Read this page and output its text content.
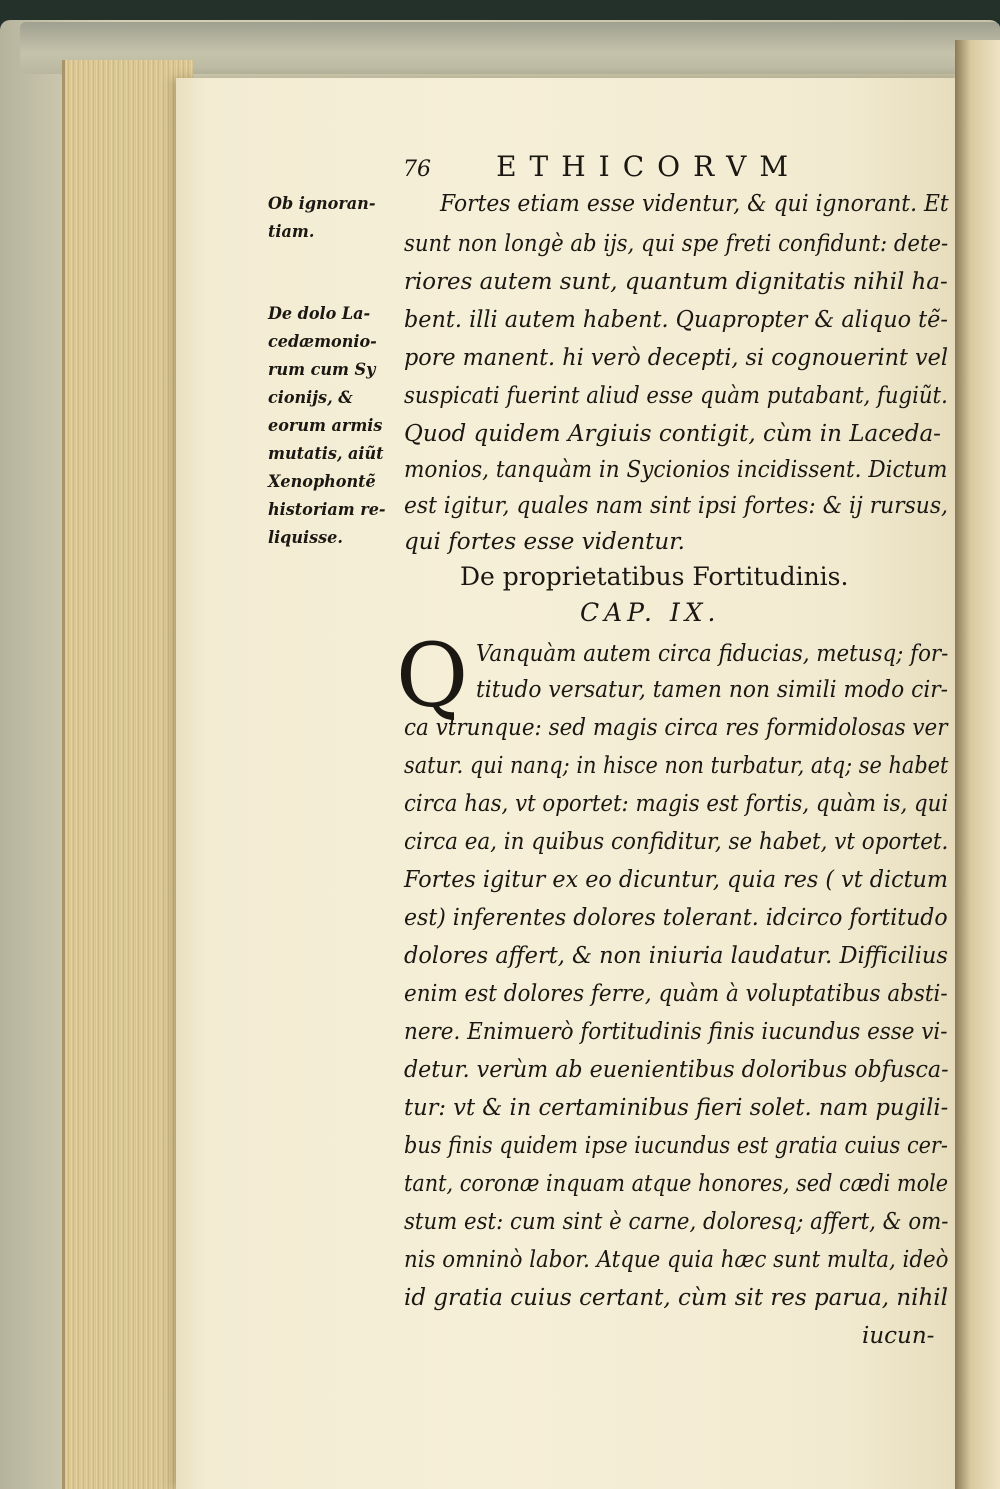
76 ETHICORVM
Ob ignoran-
tiam.
De dolo La-
cedæmonio-
rum cum Sy
cionijs, &
eorum armis
mutatis, aiũt
Xenophontẽ
historiam re-
liquisse.
Fortes etiam esse videntur, & qui ignorant. Et
sunt non longè ab ijs, qui spe freti confidunt: dete-
riores autem sunt, quantum dignitatis nihil ha-
bent. illi autem habent. Quapropter & aliquo tẽ-
pore manent. hi verò decepti, si cognouerint vel
suspicati fuerint aliud esse quàm putabant, fugiũt.
Quod quidem Argiuis contigit, cùm in Laceda-
monios, tanquàm in Sycionios incidissent. Dictum
est igitur, quales nam sint ipsi fortes: & ij rursus,
qui fortes esse videntur.
De proprietatibus Fortitudinis.
CAP. IX.
Q Vanquàm autem circa fiducias, metusq; for-
titudo versatur, tamen non simili modo cir-
ca vtrunque: sed magis circa res formidolosas ver
satur. qui nanq; in hisce non turbatur, atq; se habet
circa has, vt oportet: magis est fortis, quàm is, qui
circa ea, in quibus confiditur, se habet, vt oportet.
Fortes igitur ex eo dicuntur, quia res ( vt dictum
est) inferentes dolores tolerant. idcirco fortitudo
dolores affert, & non iniuria laudatur. Difficilius
enim est dolores ferre, quàm à voluptatibus absti-
nere. Enimuerò fortitudinis finis iucundus esse vi-
detur. verùm ab euenientibus doloribus obfusca-
tur: vt & in certaminibus fieri solet. nam pugili-
bus finis quidem ipse iucundus est gratia cuius cer-
tant, coronæ inquam atque honores, sed cædi mole
stum est: cum sint è carne, doloresq; affert, & om-
nis omninò labor. Atque quia hæc sunt multa, ideò
id gratia cuius certant, cùm sit res parua, nihil
iucun-
